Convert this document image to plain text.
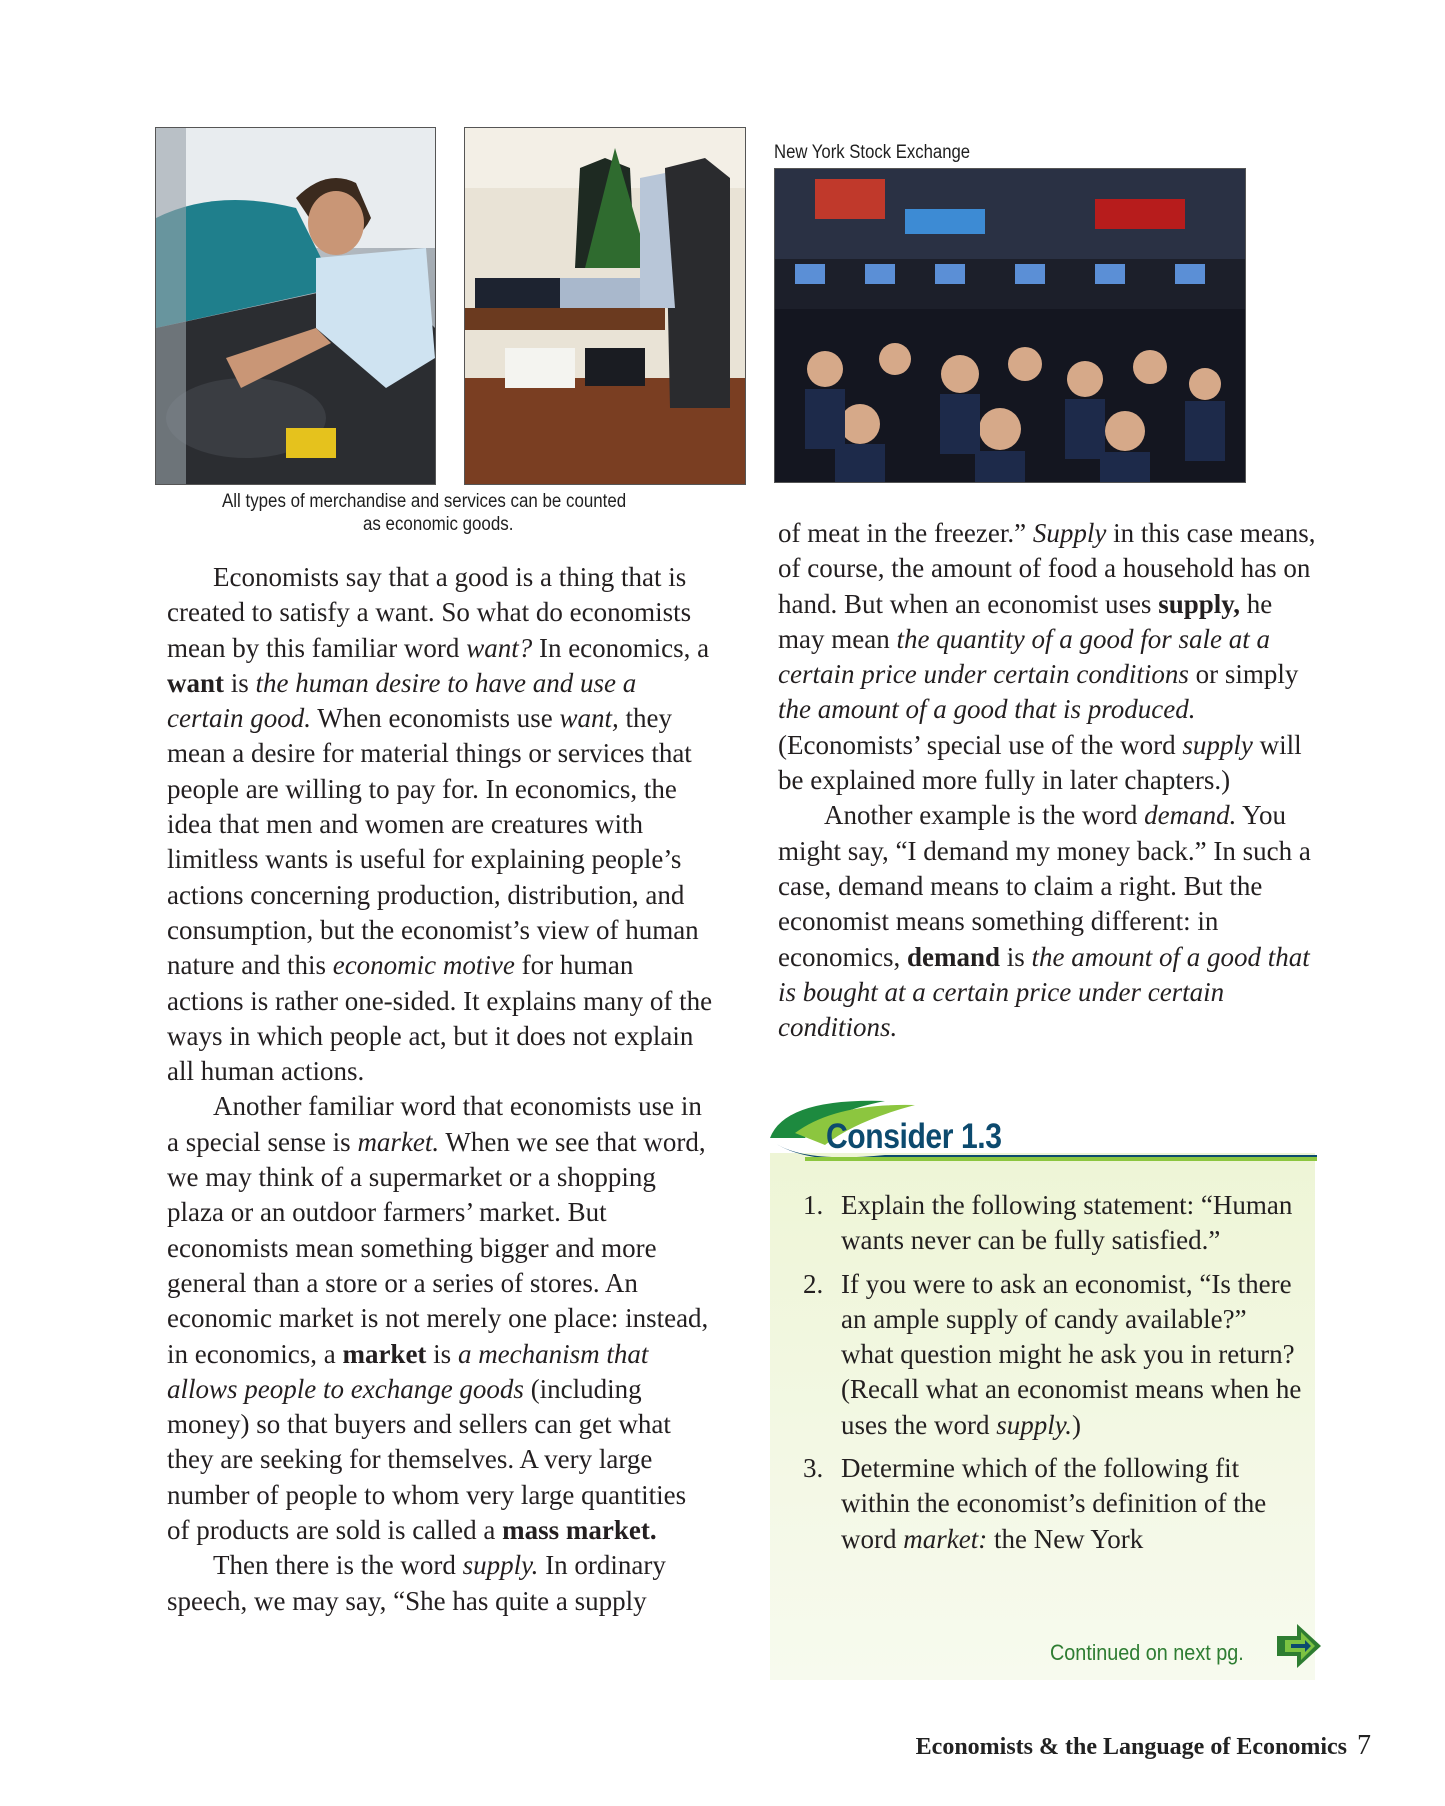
New York Stock Exchange
All types of merchandise and services can be counted
as economic goods.

Economists say that a good is a thing that is created to satisfy a want. So what do economists mean by this familiar word want? In economics, a want is the human desire to have and use a certain good. When economists use want, they mean a desire for material things or services that people are willing to pay for. In economics, the idea that men and women are creatures with limitless wants is useful for explaining people’s actions concerning production, distribution, and consumption, but the economist’s view of human nature and this economic motive for human actions is rather one-sided. It explains many of the ways in which people act, but it does not explain all human actions.

Another familiar word that economists use in a special sense is market. When we see that word, we may think of a supermarket or a shopping plaza or an outdoor farmers’ market. But economists mean something bigger and more general than a store or a series of stores. An economic market is not merely one place: instead, in economics, a market is a mechanism that allows people to exchange goods (including money) so that buyers and sellers can get what they are seeking for themselves. A very large number of people to whom very large quantities of products are sold is called a mass market.

Then there is the word supply. In ordinary speech, we may say, “She has quite a supply

of meat in the freezer.” Supply in this case means, of course, the amount of food a household has on hand. But when an economist uses supply, he may mean the quantity of a good for sale at a certain price under certain conditions or simply the amount of a good that is produced. (Economists’ special use of the word supply will be explained more fully in later chapters.)

Another example is the word demand. You might say, “I demand my money back.” In such a case, demand means to claim a right. But the economist means something different: in economics, demand is the amount of a good that is bought at a certain price under certain conditions.

Consider 1.3
1. Explain the following statement: “Human wants never can be fully satisfied.”
2. If you were to ask an economist, “Is there an ample supply of candy available?” what question might he ask you in return? (Recall what an economist means when he uses the word supply.)
3. Determine which of the following fit within the economist’s definition of the word market: the New York
Continued on next pg.
Economists & the Language of Economics 7
